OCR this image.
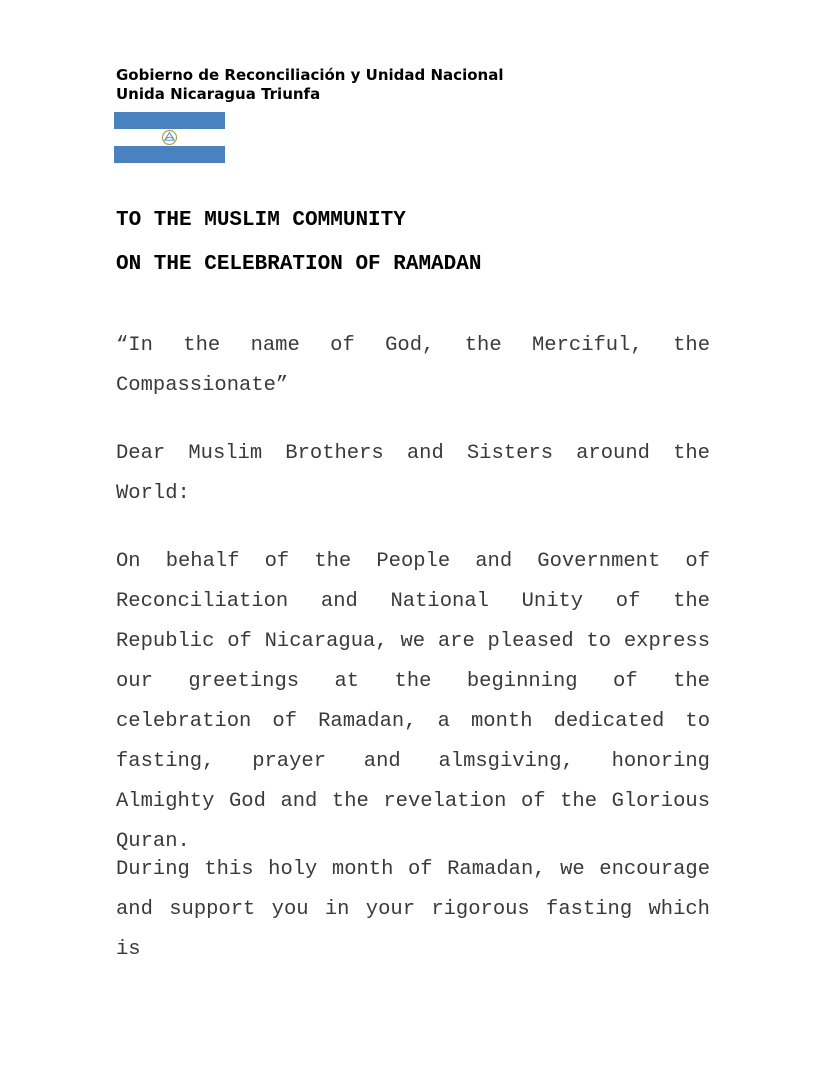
Gobierno de Reconciliación y Unidad Nacional
Unida Nicaragua Triunfa
TO THE MUSLIM COMMUNITY
ON THE CELEBRATION OF RAMADAN
“In the name of God, the Merciful, the Compassionate”
Dear Muslim Brothers and Sisters around the World:
On behalf of the People and Government of Reconciliation and National Unity of the Republic of Nicaragua, we are pleased to express our greetings at the beginning of the celebration of Ramadan, a month dedicated to fasting, prayer and almsgiving, honoring Almighty God and the revelation of the Glorious Quran.
During this holy month of Ramadan, we encourage and support you in your rigorous fasting which is
